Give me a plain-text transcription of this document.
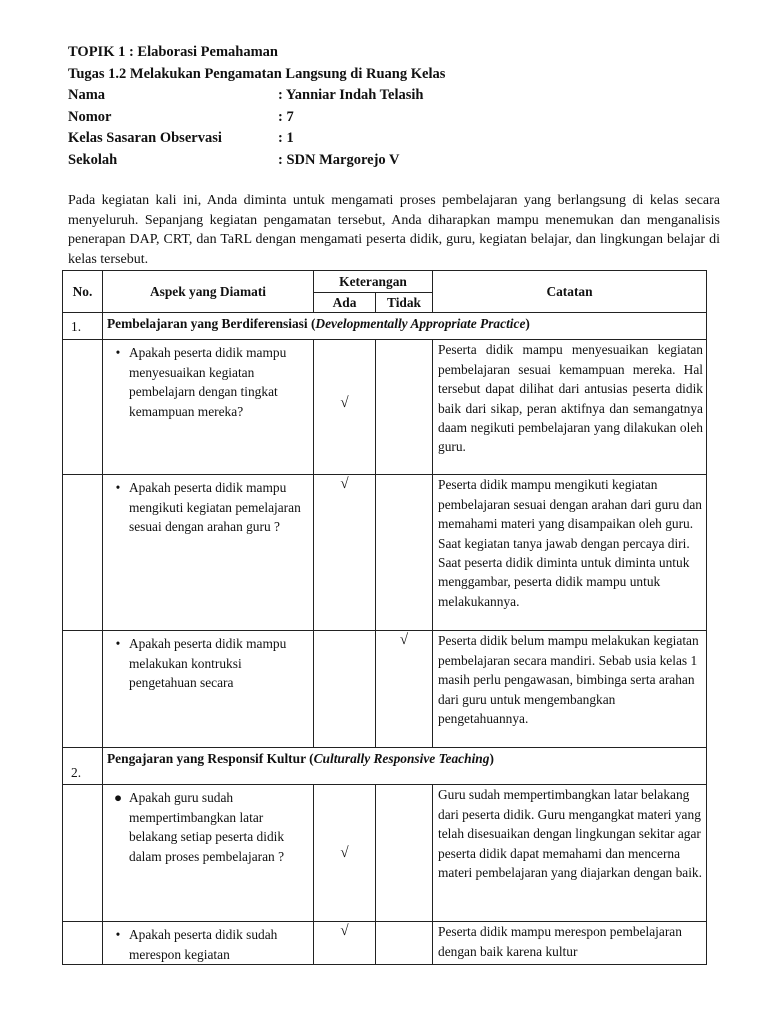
TOPIK 1 : Elaborasi Pemahaman
Tugas 1.2 Melakukan Pengamatan Langsung di Ruang Kelas
Nama	: Yanniar Indah Telasih
Nomor	: 7
Kelas Sasaran Observasi	: 1
Sekolah	: SDN Margorejo V
Pada kegiatan kali ini, Anda diminta untuk mengamati proses pembelajaran yang berlangsung di kelas secara menyeluruh. Sepanjang kegiatan pengamatan tersebut, Anda diharapkan mampu menemukan dan menganalisis penerapan DAP, CRT, dan TaRL dengan mengamati peserta didik, guru, kegiatan belajar, dan lingkungan belajar di kelas tersebut.
No.	Aspek yang Diamati	Keterangan		Catatan
		Ada	Tidak	
1.	Pembelajaran yang Berdiferensiasi (Developmentally Appropriate Practice)			

	• Apakah peserta didik mampu menyesuaikan kegiatan pembelajarn dengan tingkat kemampuan mereka?	√		Peserta didik mampu menyesuaikan kegiatan pembelajaran sesuai kemampuan mereka. Hal tersebut dapat dilihat dari antusias peserta didik baik dari sikap, peran aktifnya dan semangatnya daam negikuti pembelajaran yang dilakukan oleh guru.

	• Apakah peserta didik mampu mengikuti kegiatan pemelajaran sesuai dengan arahan guru ?	√		Peserta didik mampu mengikuti kegiatan pembelajaran sesuai dengan arahan dari guru dan memahami materi yang disampaikan oleh guru. Saat kegiatan tanya jawab dengan percaya diri. Saat peserta didik diminta untuk diminta untuk menggambar, peserta didik mampu untuk melakukannya.

	• Apakah peserta didik mampu melakukan kontruksi pengetahuan secara		√	Peserta didik belum mampu melakukan kegiatan pembelajaran secara mandiri. Sebab usia kelas 1 masih perlu pengawasan, bimbinga serta arahan dari guru untuk mengembangkan pengetahuannya.
2.	Pengajaran yang Responsif Kultur (Culturally Responsive Teaching)			

	● Apakah guru sudah mempertimbangkan latar belakang setiap peserta didik dalam proses pembelajaran ?	√		Guru sudah mempertimbangkan latar belakang dari peserta didik. Guru mengangkat materi yang telah disesuaikan dengan lingkungan sekitar agar peserta didik dapat memahami dan mencerna materi pembelajaran yang diajarkan dengan baik.

	• Apakah peserta didik sudah merespon kegiatan	√		Peserta didik mampu merespon pembelajaran dengan baik karena kultur
